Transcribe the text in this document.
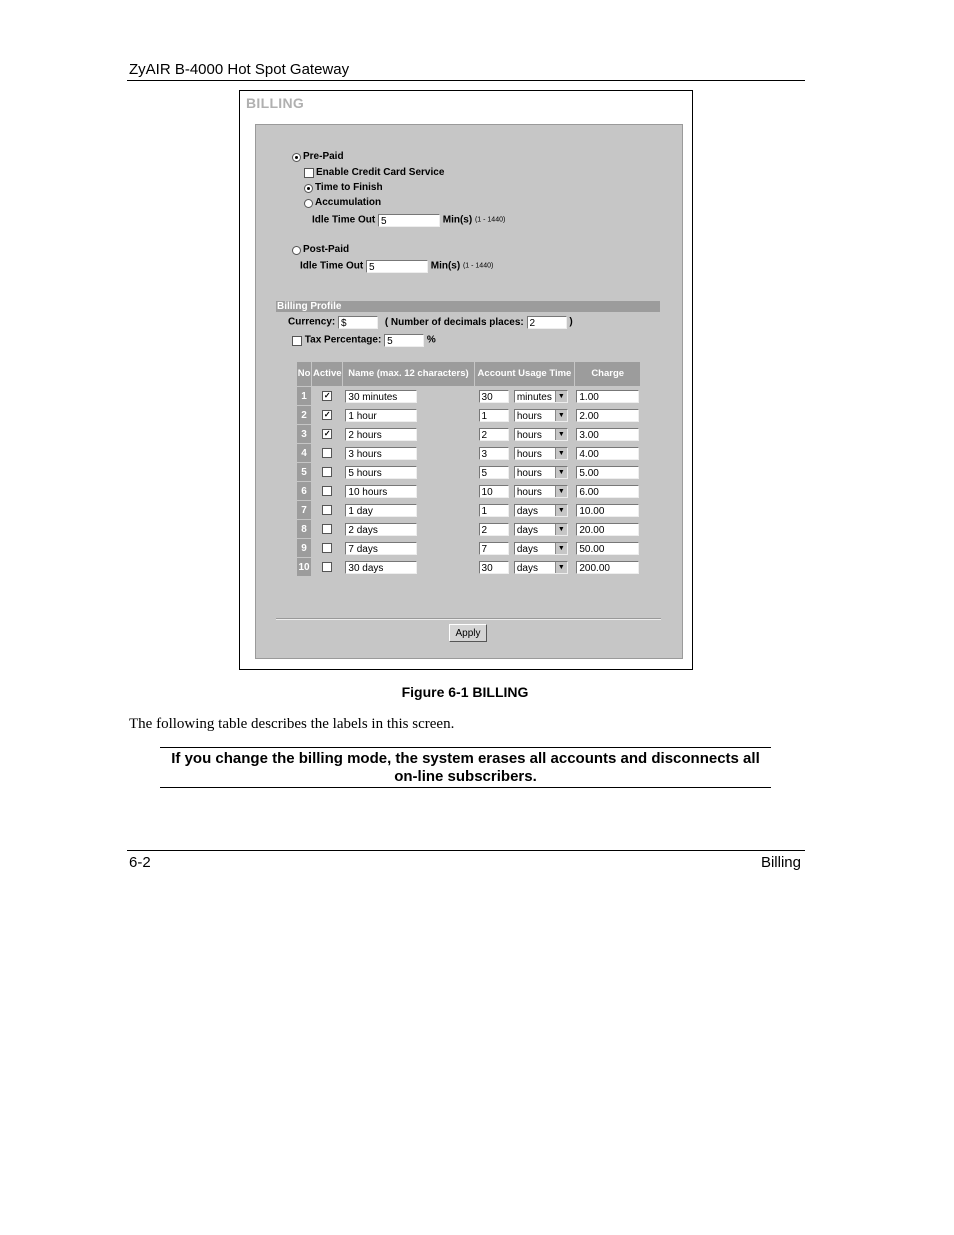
ZyAIR B-4000 Hot Spot Gateway
BILLING
Pre-Paid
Enable Credit Card Service
Time to Finish
Accumulation
Idle Time Out 5	Min(s) (1 - 1440)
Post-Paid
Idle Time Out 5	Min(s) (1 - 1440)
Billing Profile
Currency: $	( Number of decimals places: 2	)
Tax Percentage: 5	%
No	Active	Name (max. 12 characters)		Account Usage Time		Charge
1	✓	30 minutes		30	minutes ▼	1.00
2	✓	1 hour		1	hours ▼	2.00
3	✓	2 hours		2	hours ▼	3.00
4		3 hours		3	hours ▼	4.00
5		5 hours		5	hours ▼	5.00
6		10 hours		10	hours ▼	6.00
7		1 day		1	days ▼	10.00
8		2 days		2	days ▼	20.00
9		7 days		7	days ▼	50.00
10		30 days		30	days ▼	200.00
Apply
Figure 6-1 BILLING
The following table describes the labels in this screen.
If you change the billing mode, the system erases all accounts and disconnects all on-line subscribers.
6-2	Billing
